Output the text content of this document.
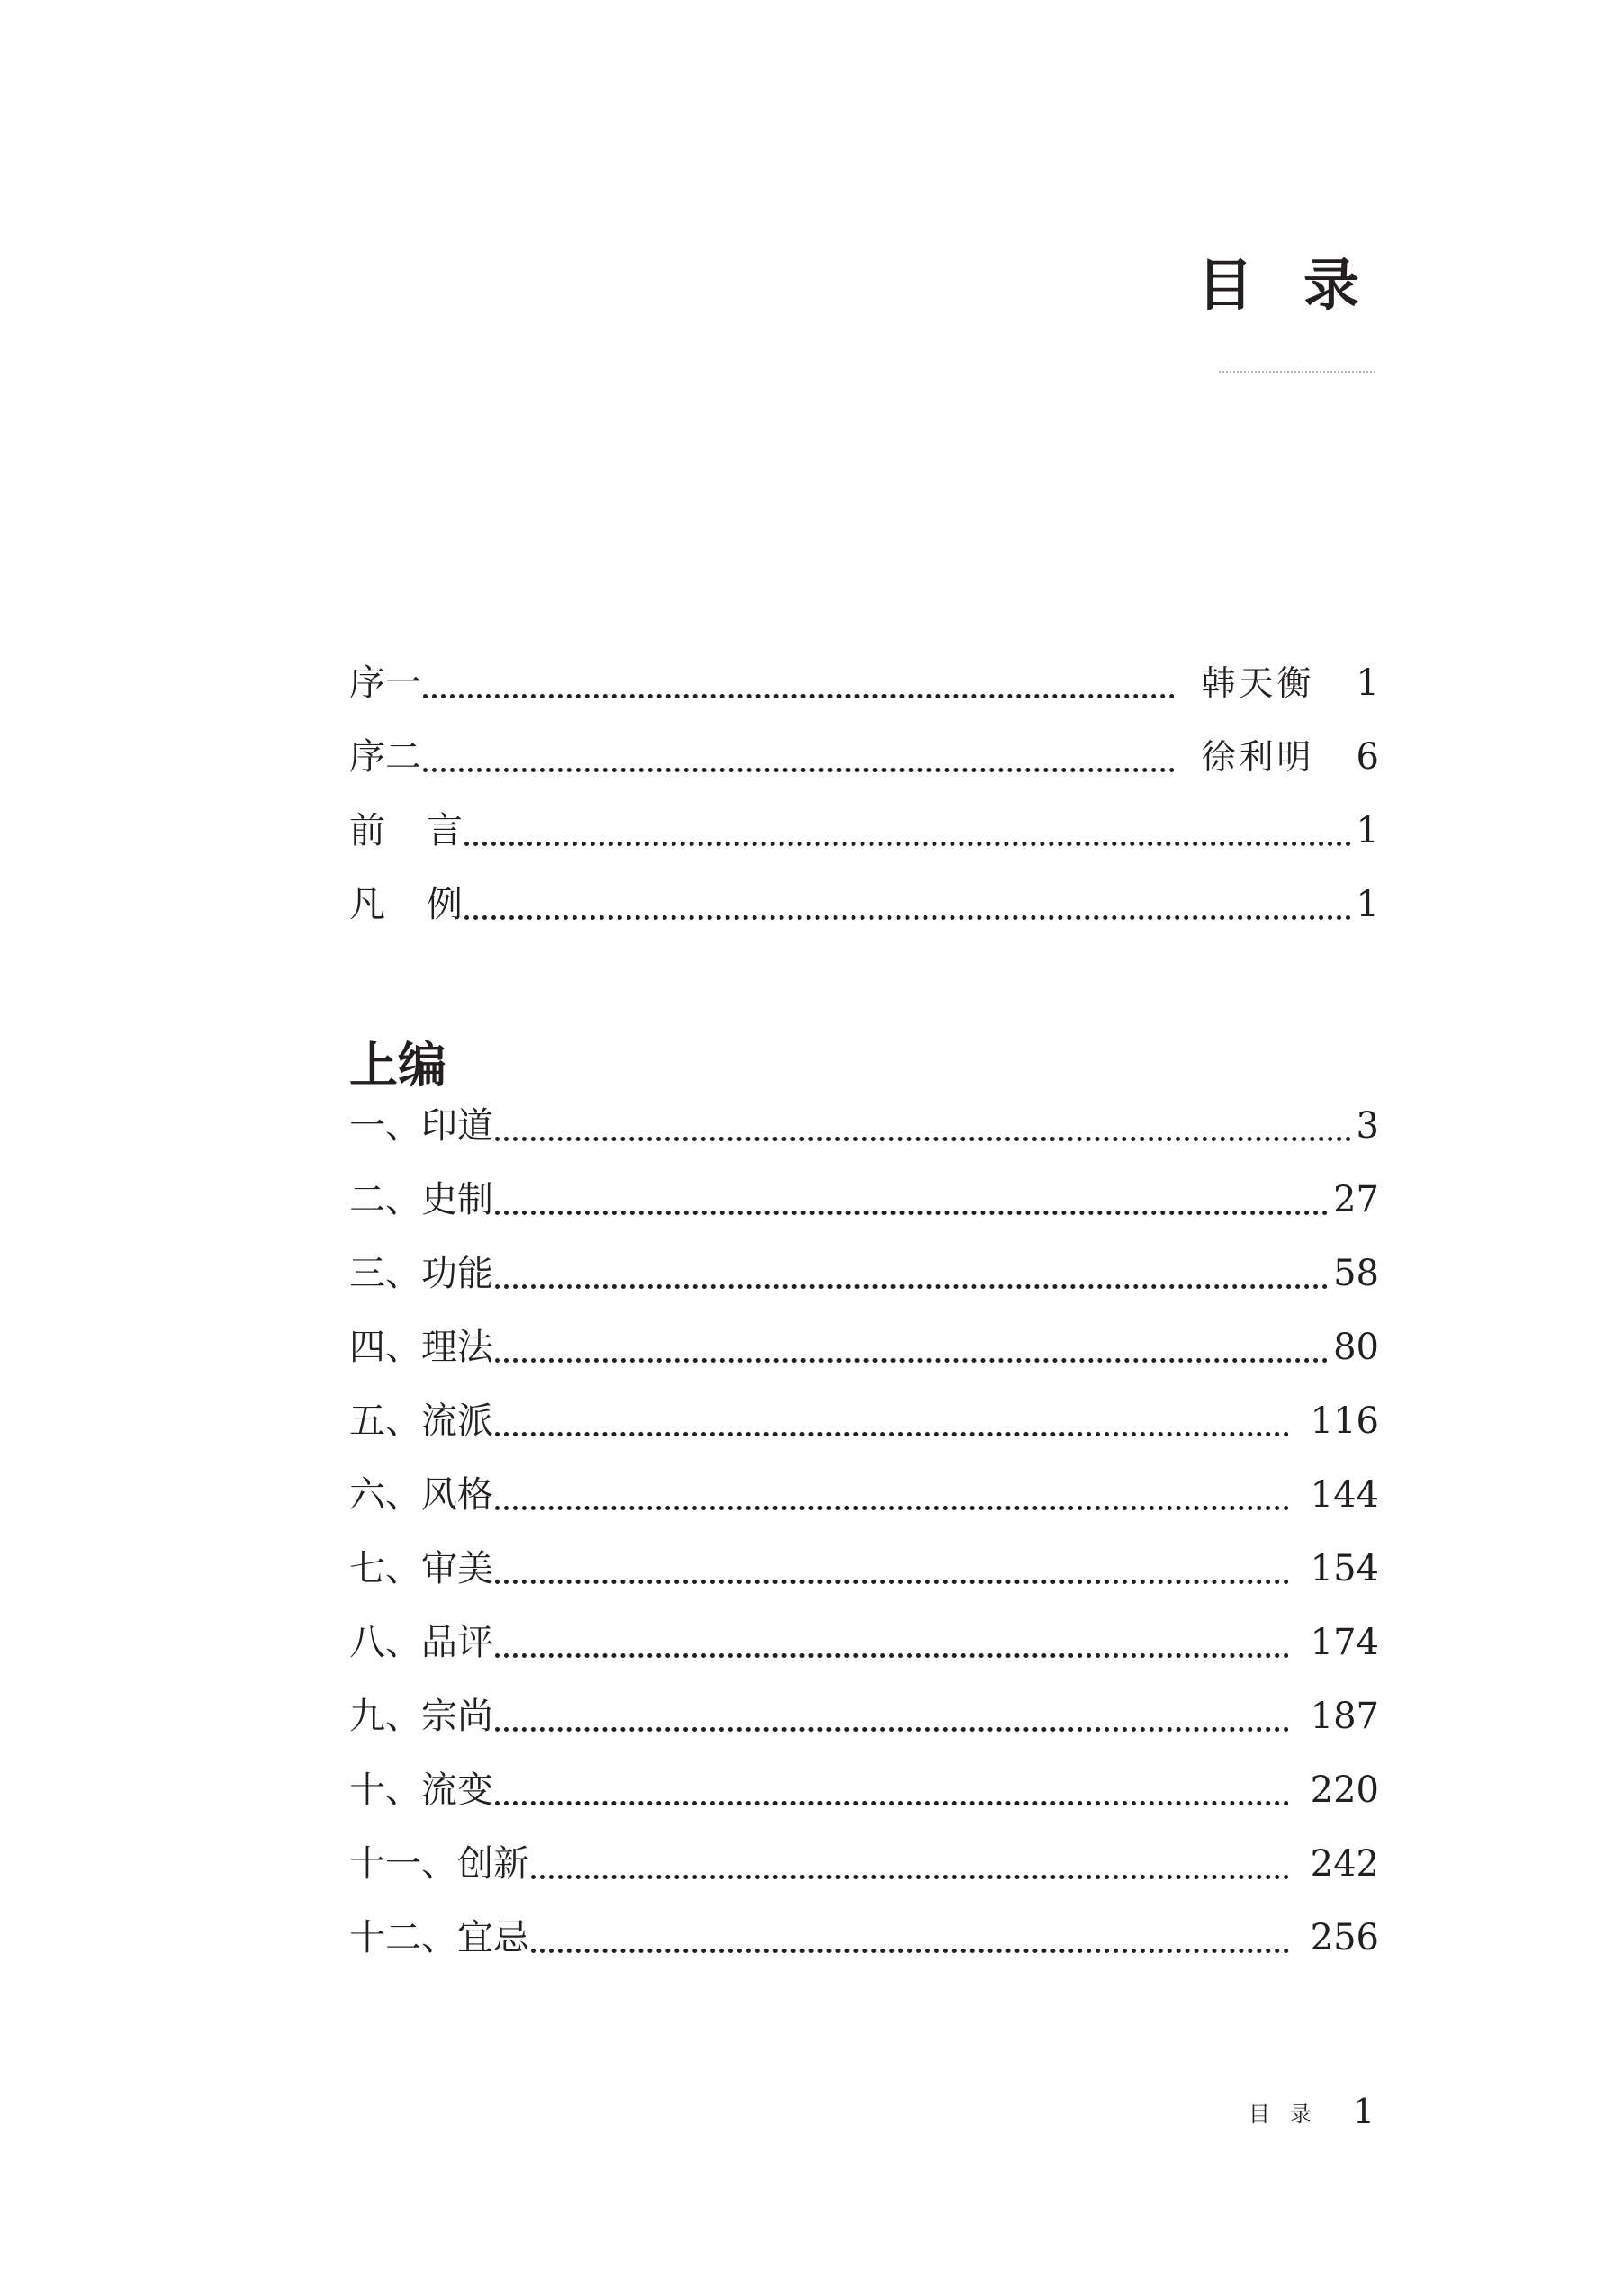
目录
序一	韩天衡 1
序二	徐利明 6
前言	1
凡例	1
上编
一、印道	3
二、史制	27
三、功能	58
四、理法	80
五、流派	116
六、风格	144
七、审美	154
八、品评	174
九、宗尚	187
十、流变	220
十一、创新	242
十二、宜忌	256
目录 1
